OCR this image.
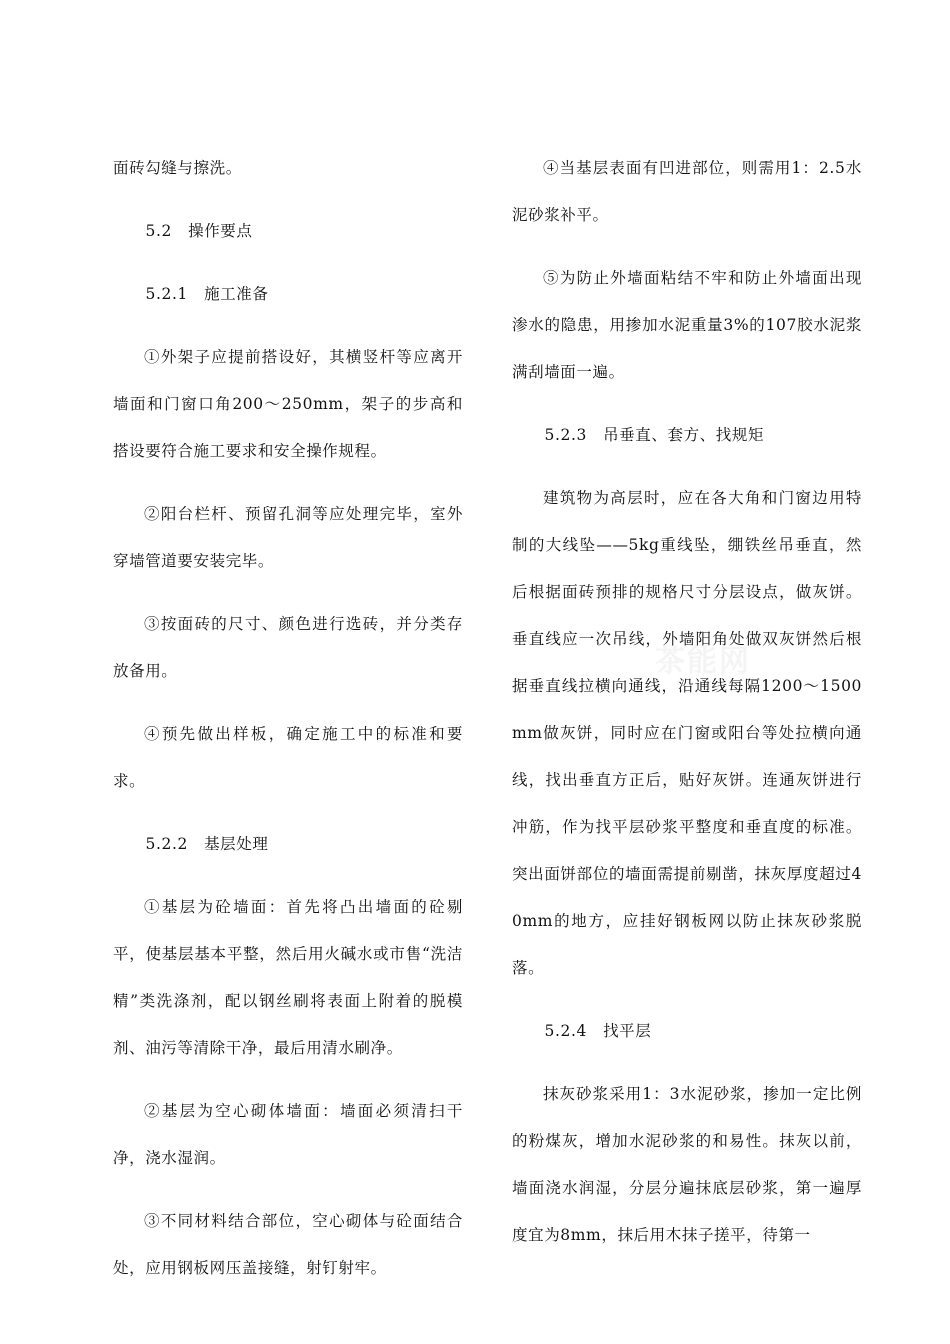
面砖勾缝与擦洗。

5.2　操作要点

5.2.1　施工准备

①外架子应提前搭设好，其横竖杆等应离开墙面和门窗口角200～250mm，架子的步高和搭设要符合施工要求和安全操作规程。

②阳台栏杆、预留孔洞等应处理完毕，室外穿墙管道要安装完毕。

③按面砖的尺寸、颜色进行选砖，并分类存放备用。

④预先做出样板，确定施工中的标准和要求。

5.2.2　基层处理

①基层为砼墙面：首先将凸出墙面的砼剔平，使基层基本平整，然后用火碱水或市售“洗洁精”类洗涤剂，配以钢丝刷将表面上附着的脱模剂、油污等清除干净，最后用清水刷净。

②基层为空心砌体墙面：墙面必须清扫干净，浇水湿润。

③不同材料结合部位，空心砌体与砼面结合处，应用钢板网压盖接缝，射钉射牢。

④当基层表面有凹进部位，则需用1：2.5水泥砂浆补平。

⑤为防止外墙面粘结不牢和防止外墙面出现渗水的隐患，用掺加水泥重量3%的107胶水泥浆满刮墙面一遍。

5.2.3　吊垂直、套方、找规矩

建筑物为高层时，应在各大角和门窗边用特制的大线坠——5kg重线坠，绷铁丝吊垂直，然后根据面砖预排的规格尺寸分层设点，做灰饼。垂直线应一次吊线，外墙阳角处做双灰饼然后根据垂直线拉横向通线，沿通线每隔1200～1500mm做灰饼，同时应在门窗或阳台等处拉横向通线，找出垂直方正后，贴好灰饼。连通灰饼进行冲筋，作为找平层砂浆平整度和垂直度的标准。突出面饼部位的墙面需提前剔凿，抹灰厚度超过40mm的地方，应挂好钢板网以防止抹灰砂浆脱落。

5.2.4　找平层

抹灰砂浆采用1：3水泥砂浆，掺加一定比例的粉煤灰，增加水泥砂浆的和易性。抹灰以前，墙面浇水润湿，分层分遍抹底层砂浆，第一遍厚度宜为8mm，抹后用木抹子搓平，待第一

茶能网
